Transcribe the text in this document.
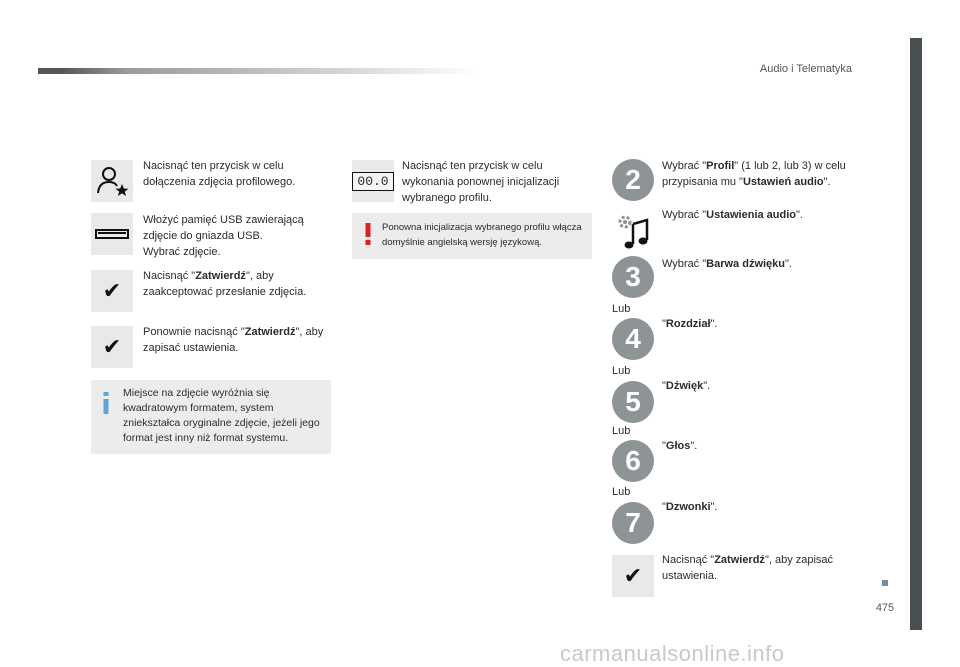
Audio i Telematyka
475
Nacisnąć ten przycisk w celu dołączenia zdjęcia profilowego.
Włożyć pamięć USB zawierającą
zdjęcie do gniazda USB.
Wybrać zdjęcie.
✔
Nacisnąć "Zatwierdź", aby zaakceptować przesłanie zdjęcia.
✔
Ponownie nacisnąć "Zatwierdź", aby zapisać ustawienia.
Miejsce na zdjęcie wyróżnia się kwadratowym formatem, system zniekształca oryginalne zdjęcie, jeżeli jego format jest inny niż format systemu.
00.0
Nacisnąć ten przycisk w celu wykonania ponownej inicjalizacji wybranego profilu.
Ponowna inicjalizacja wybranego profilu włącza domyślnie angielską wersję językową.
2	Wybrać "Profil" (1 lub 2, lub 3) w celu przypisania mu "Ustawień audio".
Wybrać "Ustawienia audio".
3	Wybrać "Barwa dźwięku".
Lub
4	"Rozdział".
Lub
5	"Dźwięk".
Lub
6	"Głos".
Lub
7	"Dzwonki".
✔
Nacisnąć "Zatwierdź", aby zapisać ustawienia.
carmanualsonline.info
